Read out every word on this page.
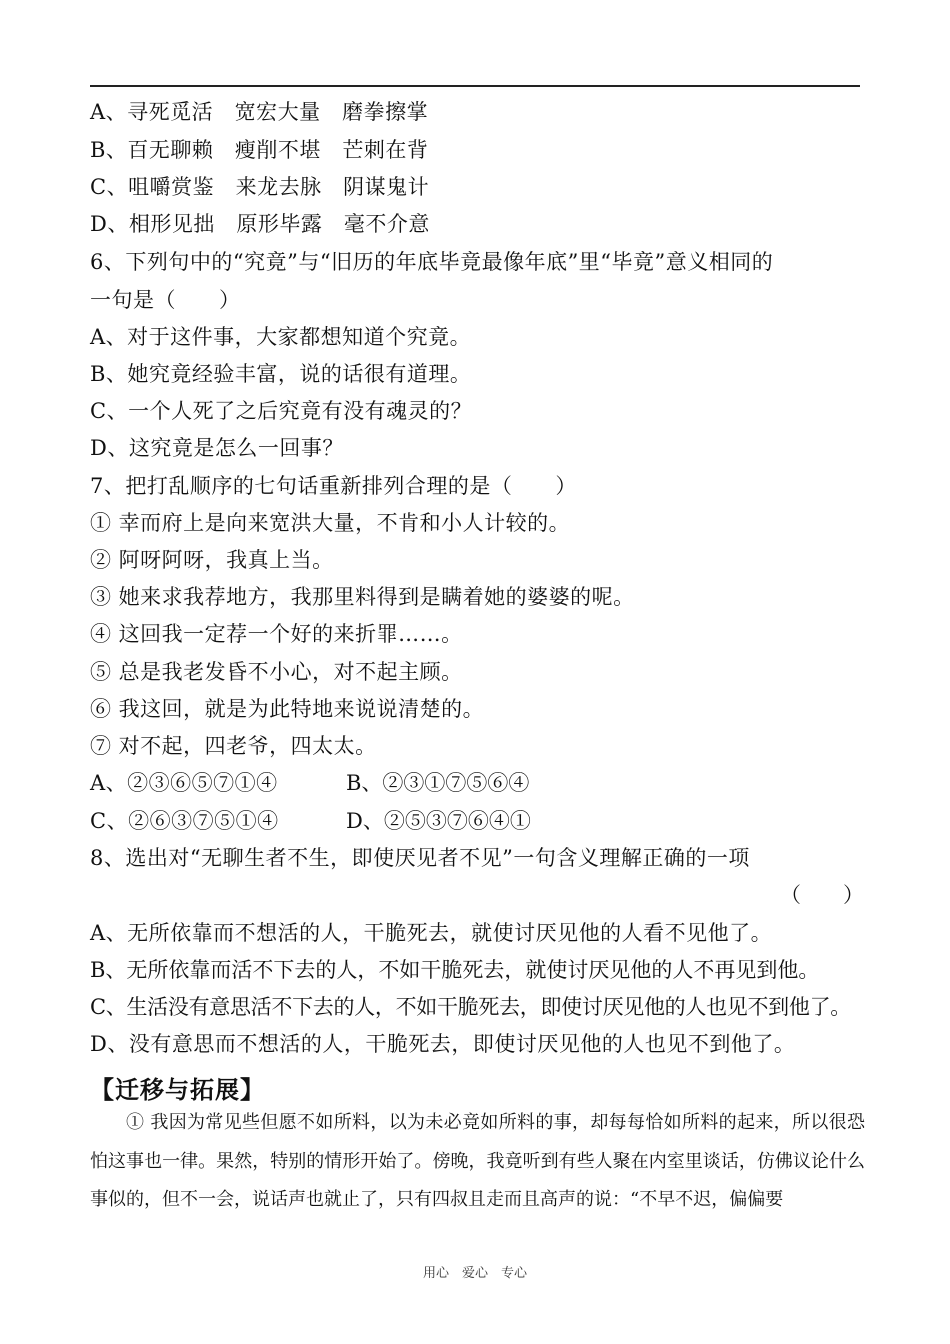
A、寻死觅活　宽宏大量　磨拳擦掌
B、百无聊赖　瘦削不堪　芒刺在背
C、咀嚼赏鉴　来龙去脉　阴谋鬼计
D、相形见拙　原形毕露　毫不介意
6、下列句中的“究竟”与“旧历的年底毕竟最像年底”里“毕竟”意义相同的
一句是（　　）
A、对于这件事，大家都想知道个究竟。
B、她究竟经验丰富，说的话很有道理。
C、一个人死了之后究竟有没有魂灵的？
D、这究竟是怎么一回事？
7、把打乱顺序的七句话重新排列合理的是（　　）
① 幸而府上是向来宽洪大量，不肯和小人计较的。
② 阿呀阿呀，我真上当。
③ 她来求我荐地方，我那里料得到是瞒着她的婆婆的呢。
④ 这回我一定荐一个好的来折罪……。
⑤ 总是我老发昏不小心，对不起主顾。
⑥ 我这回，就是为此特地来说说清楚的。
⑦ 对不起，四老爷，四太太。
A、②③⑥⑤⑦①④	B、②③①⑦⑤⑥④
C、②⑥③⑦⑤①④	D、②⑤③⑦⑥④①
8、选出对“无聊生者不生，即使厌见者不见”一句含义理解正确的一项
（　　）
A、无所依靠而不想活的人，干脆死去，就使讨厌见他的人看不见他了。
B、无所依靠而活不下去的人，不如干脆死去，就使讨厌见他的人不再见到他。
C、生活没有意思活不下去的人，不如干脆死去，即使讨厌见他的人也见不到他了。
D、没有意思而不想活的人，干脆死去，即使讨厌见他的人也见不到他了。
【迁移与拓展】

① 我因为常见些但愿不如所料，以为未必竟如所料的事，却每每恰如所料的起来，所以很恐怕这事也一律。果然，特别的情形开始了。傍晚，我竟听到有些人聚在内室里谈话，仿佛议论什么事似的，但不一会，说话声也就止了，只有四叔且走而且高声的说：“不早不迟，偏偏要

用心　爱心　专心
